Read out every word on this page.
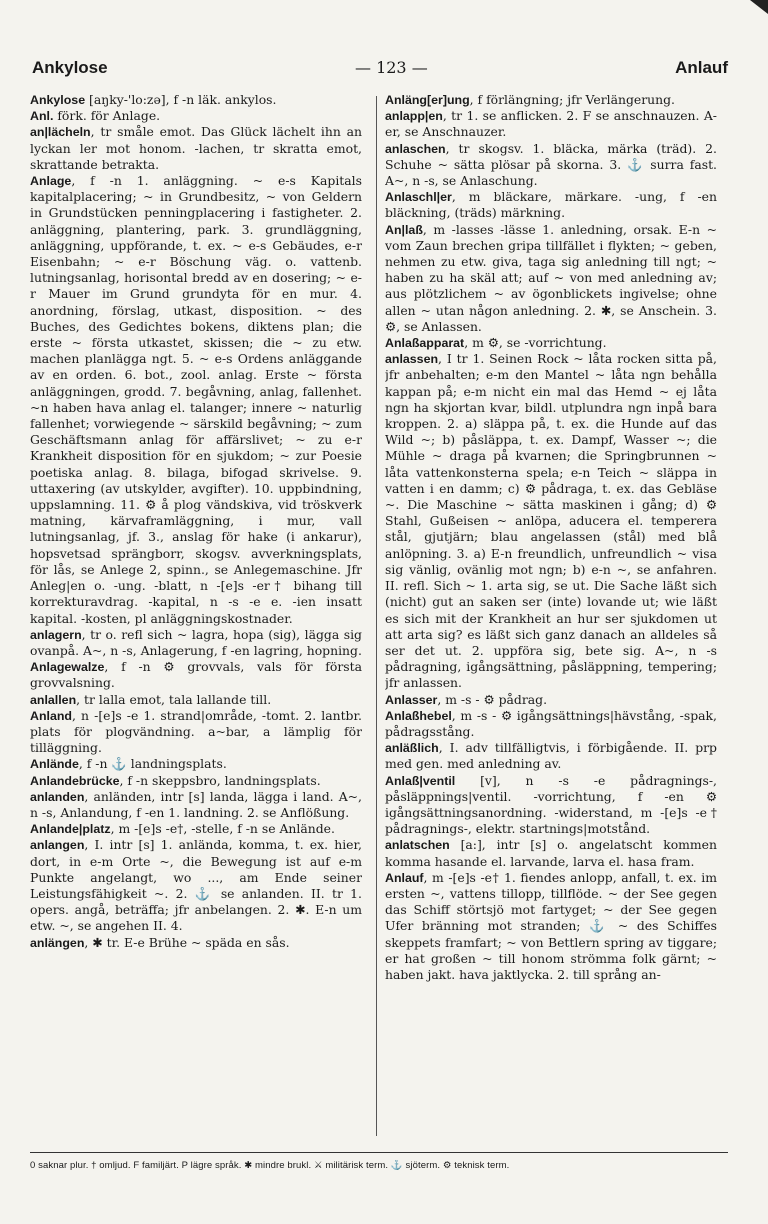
Ankylose	— 123 —	Anlauf

Ankylose [aŋky-'lo:zə], f -n läk. ankylos.

Anl. förk. för Anlage.

an|lächeln, tr småle emot. Das Glück lächelt ihn an lyckan ler mot honom. -lachen, tr skratta emot, skrattande betrakta.

Anlage, f -n 1. anläggning. ~ e-s Kapitals kapitalplacering; ~ in Grundbesitz, ~ von Geldern in Grundstücken penningplacering i fastigheter. 2. anläggning, plantering, park. 3. grundläggning, anläggning, uppförande, t. ex. ~ e-s Gebäudes, e-r Eisenbahn; ~ e-r Böschung väg. o. vattenb. lutningsanlag, horisontal bredd av en dosering; ~ e-r Mauer im Grund grundyta för en mur. 4. anordning, förslag, utkast, disposition. ~ des Buches, des Gedichtes bokens, diktens plan; die erste ~ första utkastet, skissen; die ~ zu etw. machen planlägga ngt. 5. ~ e-s Ordens anläggande av en orden. 6. bot., zool. anlag. Erste ~ första anläggningen, grodd. 7. begåvning, anlag, fallenhet. ~n haben hava anlag el. talanger; innere ~ naturlig fallenhet; vorwiegende ~ särskild begåvning; ~ zum Geschäftsmann anlag för affärslivet; ~ zu e-r Krankheit disposition för en sjukdom; ~ zur Poesie poetiska anlag. 8. bilaga, bifogad skrivelse. 9. uttaxering (av utskylder, avgifter). 10. uppbindning, uppslamning. 11. ⚙ å plog vändskiva, vid tröskverk matning, kärvaframläggning, i mur, vall lutningsanlag, jf. 3., anslag för hake (i ankarur), hopsvetsad sprängborr, skogsv. avverkningsplats, för lås, se Anlege 2, spinn., se Anlegemaschine. Jfr Anleg|en o. -ung. -blatt, n -[e]s -er† bihang till korrekturavdrag. -kapital, n -s -e e. -ien insatt kapital. -kosten, pl anläggningskostnader.

anlagern, tr o. refl sich ~ lagra, hopa (sig), lägga sig ovanpå. A~, n -s, Anlagerung, f -en lagring, hopning.

Anlagewalze, f -n ⚙ grovvals, vals för första grovvalsning.

anlallen, tr lalla emot, tala lallande till.

Anland, n -[e]s -e 1. strand|område, -tomt. 2. lantbr. plats för plogvändning. a~bar, a lämplig för tilläggning.

Anlände, f -n ⚓ landningsplats.

Anlandebrücke, f -n skeppsbro, landningsplats.

anlanden, anländen, intr [s] landa, lägga i land. A~, n -s, Anlandung, f -en 1. landning. 2. se Anflößung.

Anlande|platz, m -[e]s -e†, -stelle, f -n se Anlände.

anlangen, I. intr [s] 1. anlända, komma, t. ex. hier, dort, in e-m Orte ~, die Bewegung ist auf e-m Punkte angelangt, wo ..., am Ende seiner Leistungsfähigkeit ~. 2. ⚓ se anlanden. II. tr 1. opers. angå, beträffa; jfr anbelangen. 2. ✱. E-n um etw. ~, se angehen II. 4.

anlängen, ✱ tr. E-e Brühe ~ späda en sås.

Anläng[er]ung, f förlängning; jfr Verlängerung.

anlapp|en, tr 1. se anflicken. 2. F se anschnauzen. A-er, se Anschnauzer.

anlaschen, tr skogsv. 1. bläcka, märka (träd). 2. Schuhe ~ sätta plösar på skorna. 3. ⚓ surra fast. A~, n -s, se Anlaschung.

Anlaschl|er, m bläckare, märkare. -ung, f -en bläckning, (träds) märkning.

An|laß, m -lasses -lässe 1. anledning, orsak. E-n ~ vom Zaun brechen gripa tillfället i flykten; ~ geben, nehmen zu etw. giva, taga sig anledning till ngt; ~ haben zu ha skäl att; auf ~ von med anledning av; aus plötzlichem ~ av ögonblickets ingivelse; ohne allen ~ utan någon anledning. 2. ✱, se Anschein. 3. ⚙, se Anlassen.

Anlaßapparat, m ⚙, se -vorrichtung.

anlassen, I tr 1. Seinen Rock ~ låta rocken sitta på, jfr anbehalten; e-m den Mantel ~ låta ngn behålla kappan på; e-m nicht ein mal das Hemd ~ ej låta ngn ha skjortan kvar, bildl. utplundra ngn inpå bara kroppen. 2. a) släppa på, t. ex. die Hunde auf das Wild ~; b) påsläppa, t. ex. Dampf, Wasser ~; die Mühle ~ draga på kvarnen; die Springbrunnen ~ låta vattenkonsterna spela; e-n Teich ~ släppa in vatten i en damm; c) ⚙ pådraga, t. ex. das Gebläse ~. Die Maschine ~ sätta maskinen i gång; d) ⚙ Stahl, Gußeisen ~ anlöpa, aducera el. temperera stål, gjutjärn; blau angelassen (stål) med blå anlöpning. 3. a) E-n freundlich, unfreundlich ~ visa sig vänlig, ovänlig mot ngn; b) e-n ~, se anfahren. II. refl. Sich ~ 1. arta sig, se ut. Die Sache läßt sich (nicht) gut an saken ser (inte) lovande ut; wie läßt es sich mit der Krankheit an hur ser sjukdomen ut att arta sig? es läßt sich ganz danach an alldeles så ser det ut. 2. uppföra sig, bete sig. A~, n -s pådragning, igångsättning, påsläppning, tempering; jfr anlassen.

Anlasser, m -s - ⚙ pådrag.

Anlaßhebel, m -s - ⚙ igångsättnings|hävstång, -spak, pådragsstång.

anläßlich, I. adv tillfälligtvis, i förbigående. II. prp med gen. med anledning av.

Anlaß|ventil [v], n -s -e pådragnings-, påsläppnings|ventil. -vorrichtung, f -en ⚙ igångsättningsanordning. -widerstand, m -[e]s -e† pådragnings-, elektr. startnings|motstånd.

anlatschen [a:], intr [s] o. angelatscht kommen komma hasande el. larvande, larva el. hasa fram.

Anlauf, m -[e]s -e† 1. fiendes anlopp, anfall, t. ex. im ersten ~, vattens tillopp, tillflöde. ~ der See gegen das Schiff störtsjö mot fartyget; ~ der See gegen Ufer bränning mot stranden; ⚓ ~ des Schiffes skeppets framfart; ~ von Bettlern spring av tiggare; er hat großen ~ till honom strömma folk gärnt; ~ haben jakt. hava jaktlycka. 2. till språng an-

0 saknar plur. † omljud. F familjärt. P lägre språk. ✱ mindre brukl. ⚔ militärisk term. ⚓ sjöterm. ⚙ teknisk term.
